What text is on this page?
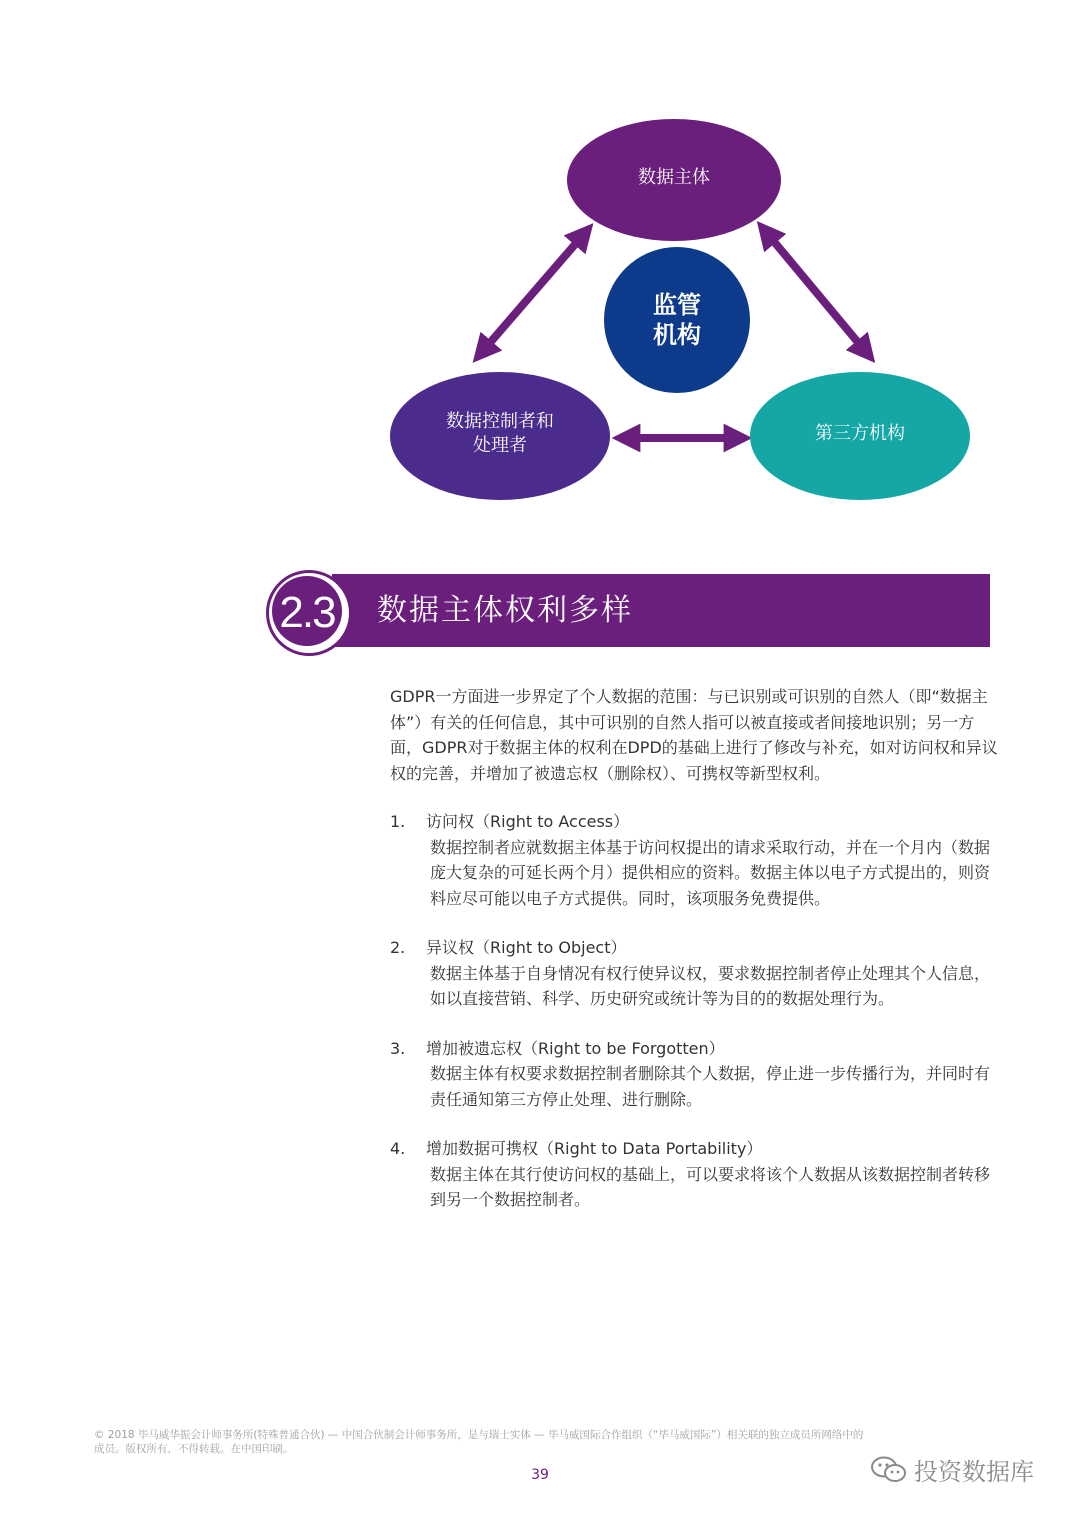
数据主体
监管
机构
数据控制者和
处理者
第三方机构
2.3 数据主体权利多样

GDPR一方面进一步界定了个人数据的范围：与已识别或可识别的自然人（即“数据主体”）有关的任何信息，其中可识别的自然人指可以被直接或者间接地识别；另一方面，GDPR对于数据主体的权利在DPD的基础上进行了修改与补充，如对访问权和异议权的完善，并增加了被遗忘权（删除权）、可携权等新型权利。

1.	访问权（Right to Access）
数据控制者应就数据主体基于访问权提出的请求采取行动，并在一个月内（数据庞大复杂的可延长两个月）提供相应的资料。数据主体以电子方式提出的，则资料应尽可能以电子方式提供。同时，该项服务免费提供。
2.	异议权（Right to Object）
数据主体基于自身情况有权行使异议权，要求数据控制者停止处理其个人信息，如以直接营销、科学、历史研究或统计等为目的的数据处理行为。
3.	增加被遗忘权（Right to be Forgotten）
数据主体有权要求数据控制者删除其个人数据，停止进一步传播行为，并同时有责任通知第三方停止处理、进行删除。
4.	增加数据可携权（Right to Data Portability）
数据主体在其行使访问权的基础上，可以要求将该个人数据从该数据控制者转移到另一个数据控制者。
© 2018 毕马威华振会计师事务所(特殊普通合伙) — 中国合伙制会计师事务所，是与瑞士实体 — 毕马威国际合作组织（“毕马威国际”）相关联的独立成员所网络中的
成员。版权所有，不得转载。在中国印刷。
39	投资数据库
